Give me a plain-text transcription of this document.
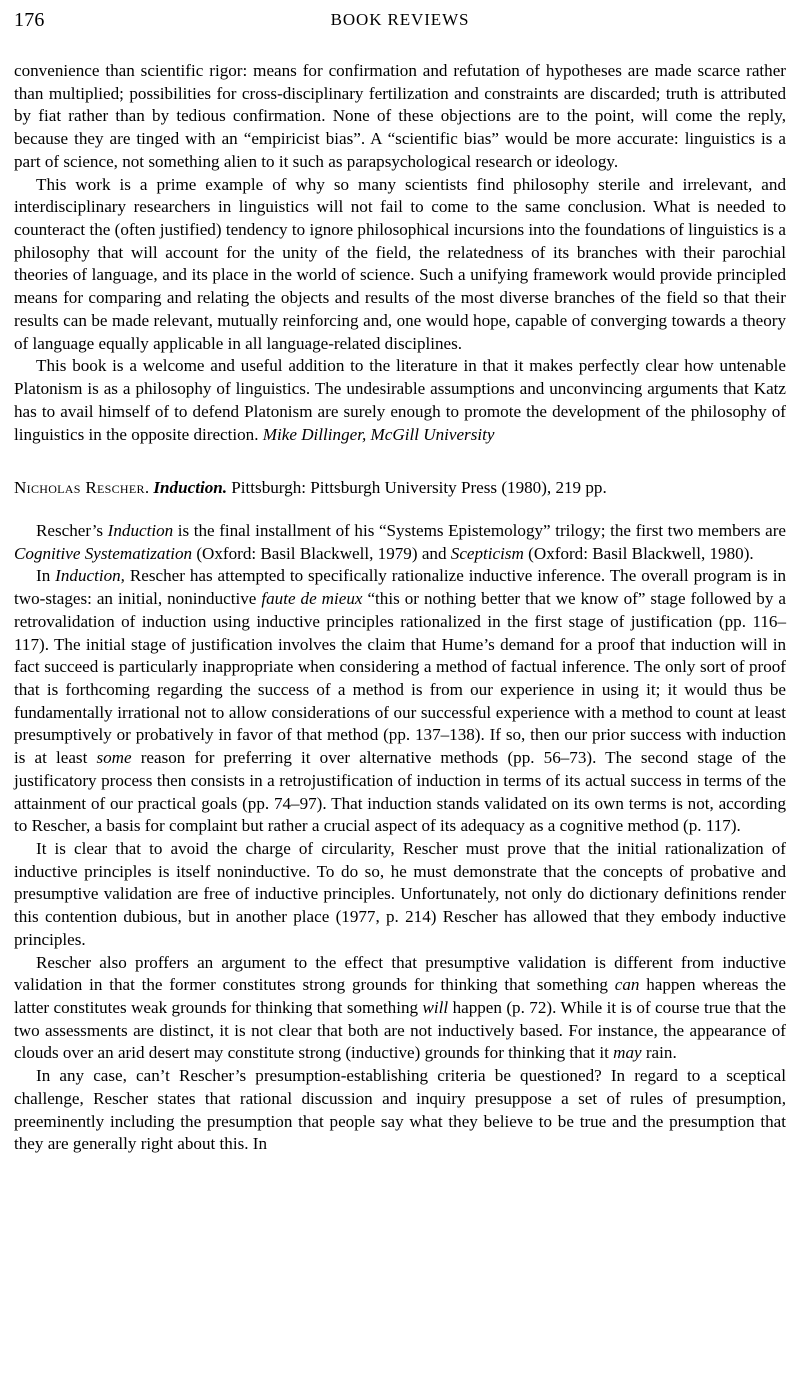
176	BOOK REVIEWS

convenience than scientific rigor: means for confirmation and refutation of hypotheses are made scarce rather than multiplied; possibilities for cross-disciplinary fertilization and constraints are discarded; truth is attributed by fiat rather than by tedious confirmation. None of these objections are to the point, will come the reply, because they are tinged with an “empiricist bias”. A “scientific bias” would be more accurate: linguistics is a part of science, not something alien to it such as parapsychological research or ideology.

This work is a prime example of why so many scientists find philosophy sterile and irrelevant, and interdisciplinary researchers in linguistics will not fail to come to the same conclusion. What is needed to counteract the (often justified) tendency to ignore philosophical incursions into the foundations of linguistics is a philosophy that will account for the unity of the field, the relatedness of its branches with their parochial theories of language, and its place in the world of science. Such a unifying framework would provide principled means for comparing and relating the objects and results of the most diverse branches of the field so that their results can be made relevant, mutually reinforcing and, one would hope, capable of converging towards a theory of language equally applicable in all language-related disciplines.

This book is a welcome and useful addition to the literature in that it makes perfectly clear how untenable Platonism is as a philosophy of linguistics. The undesirable assumptions and unconvincing arguments that Katz has to avail himself of to defend Platonism are surely enough to promote the development of the philosophy of linguistics in the opposite direction. Mike Dillinger, McGill University

Nicholas Rescher. Induction. Pittsburgh: Pittsburgh University Press (1980), 219 pp.

Rescher’s Induction is the final installment of his “Systems Epistemology” trilogy; the first two members are Cognitive Systematization (Oxford: Basil Blackwell, 1979) and Scepticism (Oxford: Basil Blackwell, 1980).

In Induction, Rescher has attempted to specifically rationalize inductive inference. The overall program is in two-stages: an initial, noninductive faute de mieux “this or nothing better that we know of” stage followed by a retrovalidation of induction using inductive principles rationalized in the first stage of justification (pp. 116–117). The initial stage of justification involves the claim that Hume’s demand for a proof that induction will in fact succeed is particularly inappropriate when considering a method of factual inference. The only sort of proof that is forthcoming regarding the success of a method is from our experience in using it; it would thus be fundamentally irrational not to allow considerations of our successful experience with a method to count at least presumptively or probatively in favor of that method (pp. 137–138). If so, then our prior success with induction is at least some reason for preferring it over alternative methods (pp. 56–73). The second stage of the justificatory process then consists in a retrojustification of induction in terms of its actual success in terms of the attainment of our practical goals (pp. 74–97). That induction stands validated on its own terms is not, according to Rescher, a basis for complaint but rather a crucial aspect of its adequacy as a cognitive method (p. 117).

It is clear that to avoid the charge of circularity, Rescher must prove that the initial rationalization of inductive principles is itself noninductive. To do so, he must demonstrate that the concepts of probative and presumptive validation are free of inductive principles. Unfortunately, not only do dictionary definitions render this contention dubious, but in another place (1977, p. 214) Rescher has allowed that they embody inductive principles.

Rescher also proffers an argument to the effect that presumptive validation is different from inductive validation in that the former constitutes strong grounds for thinking that something can happen whereas the latter constitutes weak grounds for thinking that something will happen (p. 72). While it is of course true that the two assessments are distinct, it is not clear that both are not inductively based. For instance, the appearance of clouds over an arid desert may constitute strong (inductive) grounds for thinking that it may rain.

In any case, can’t Rescher’s presumption-establishing criteria be questioned? In regard to a sceptical challenge, Rescher states that rational discussion and inquiry presuppose a set of rules of presumption, preeminently including the presumption that people say what they believe to be true and the presumption that they are generally right about this. In
